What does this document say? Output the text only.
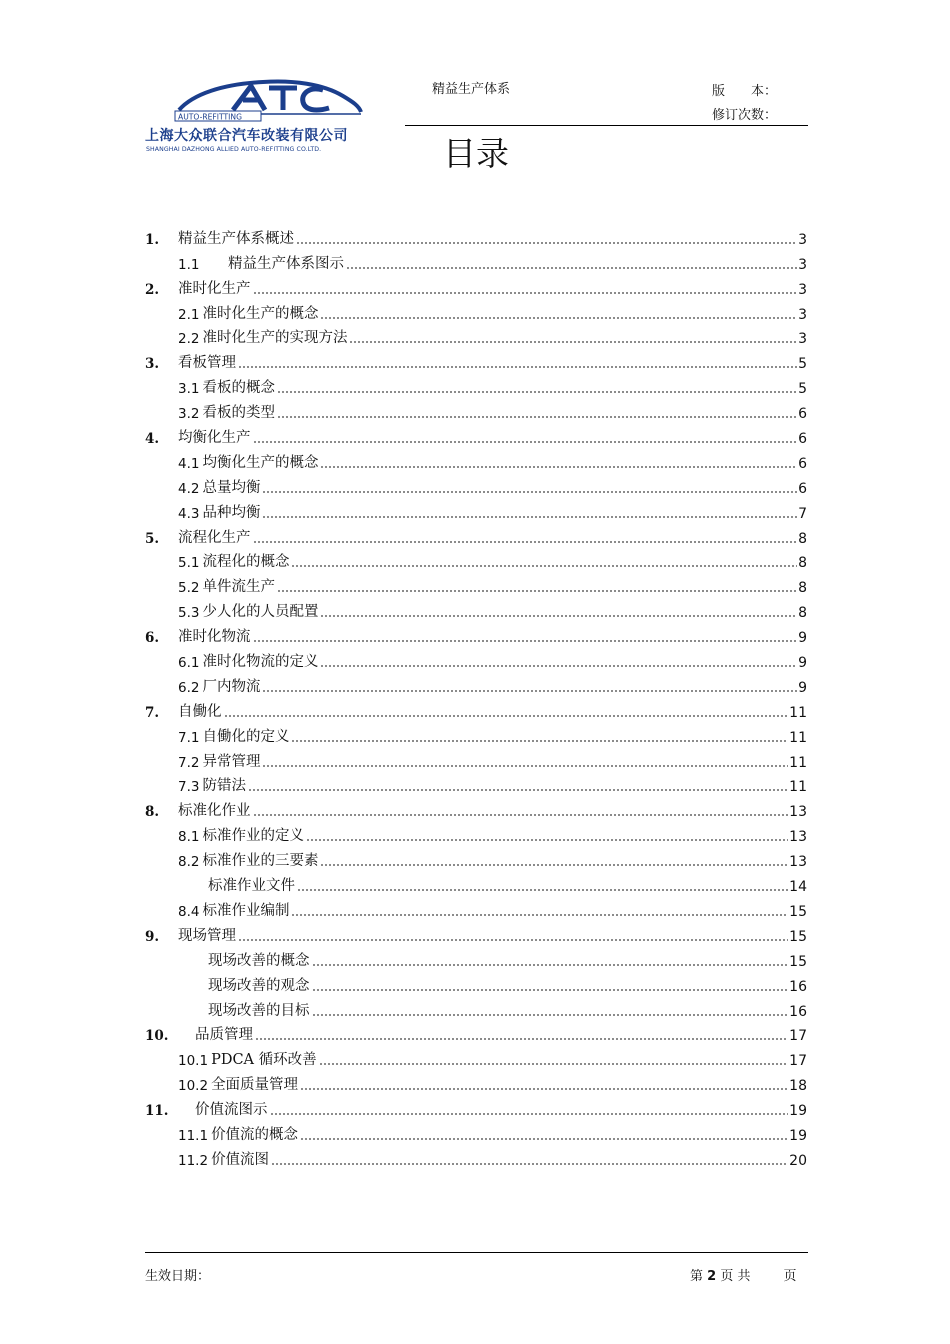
AUTO-REFITTING
上海大众联合汽车改装有限公司
SHANGHAI DAZHONG ALLIED AUTO-REFITTING CO.LTD.
精益生产体系	版　　本：
修订次数：
目录
1.	精益生产体系概述	3
1.1	精益生产体系图示	3
2.	准时化生产	3
2.1 准时化生产的概念	3
2.2 准时化生产的实现方法	3
3.	看板管理	5
3.1 看板的概念	5
3.2 看板的类型	6
4.	均衡化生产	6
4.1 均衡化生产的概念	6
4.2 总量均衡	6
4.3 品种均衡	7
5.	流程化生产	8
5.1 流程化的概念	8
5.2 单件流生产	8
5.3 少人化的人员配置	8
6.	准时化物流	9
6.1 准时化物流的定义	9
6.2 厂内物流	9
7.	自働化	11
7.1 自働化的定义	11
7.2 异常管理	11
7.3 防错法	11
8.	标准化作业	13
8.1 标准作业的定义	13
8.2 标准作业的三要素	13
标准作业文件	14
8.4 标准作业编制	15
9.	现场管理	15
现场改善的概念	15
现场改善的观念	16
现场改善的目标	16
10.	品质管理	17
10.1 PDCA 循环改善	17
10.2 全面质量管理	18
11.	价值流图示	19
11.1 价值流的概念	19
11.2 价值流图	20
生效日期：	第 2 页 共	页
